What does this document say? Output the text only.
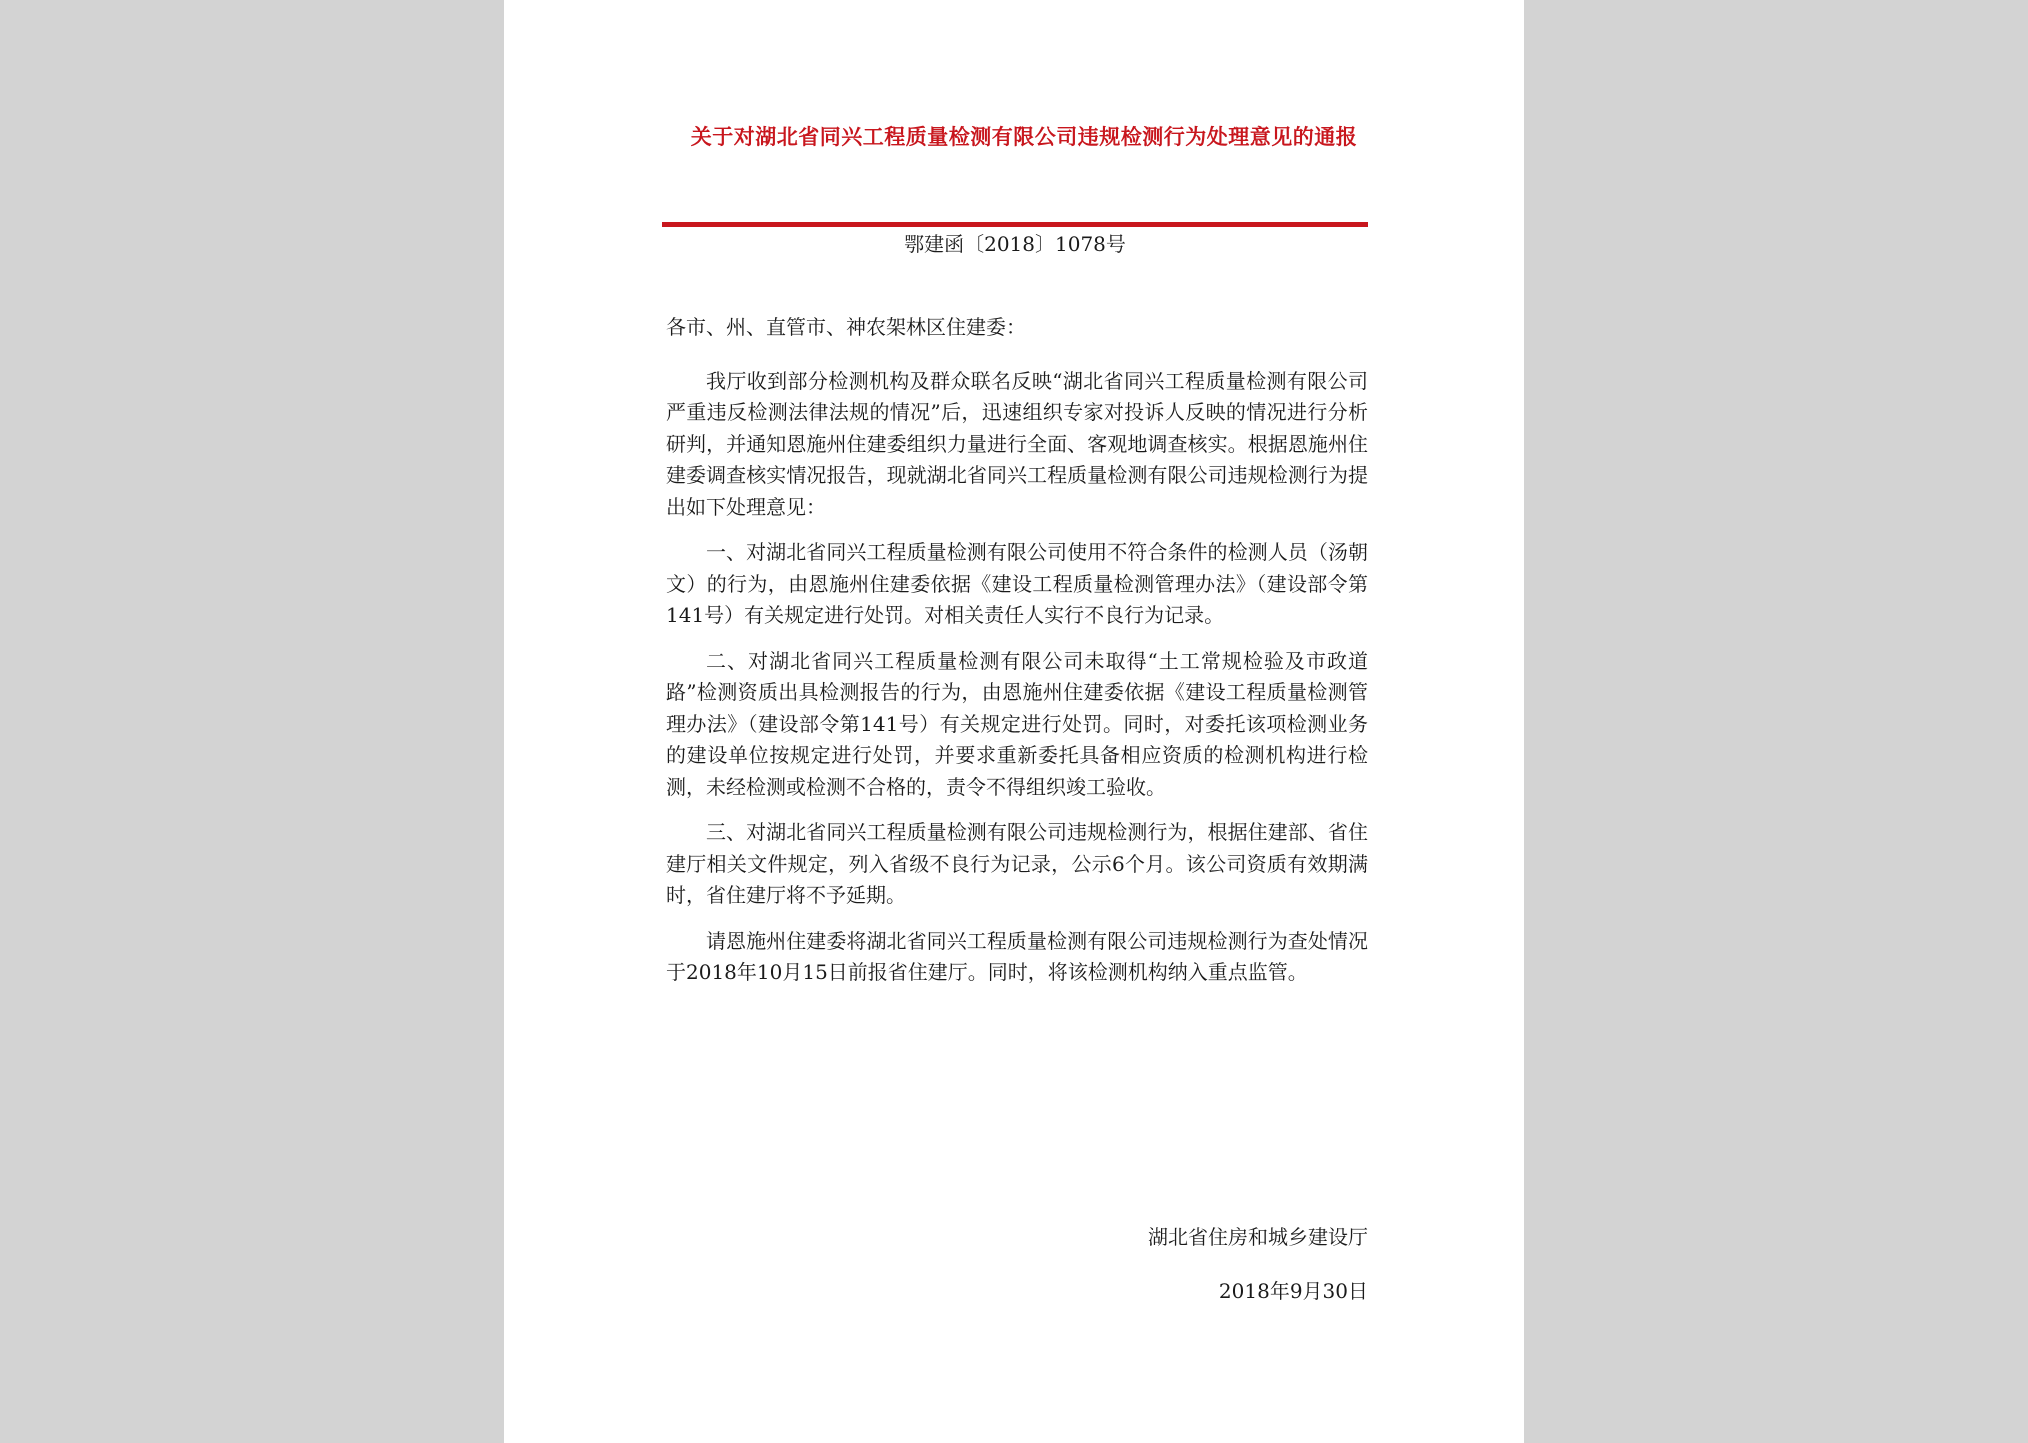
关于对湖北省同兴工程质量检测有限公司违规检测行为处理意见的通报
鄂建函〔2018〕1078号

各市、州、直管市、神农架林区住建委：

我厅收到部分检测机构及群众联名反映“湖北省同兴工程质量检测有限公司严重违反检测法律法规的情况”后，迅速组织专家对投诉人反映的情况进行分析研判，并通知恩施州住建委组织力量进行全面、客观地调查核实。根据恩施州住建委调查核实情况报告，现就湖北省同兴工程质量检测有限公司违规检测行为提出如下处理意见：

一、对湖北省同兴工程质量检测有限公司使用不符合条件的检测人员（汤朝文）的行为，由恩施州住建委依据《建设工程质量检测管理办法》（建设部令第141号）有关规定进行处罚。对相关责任人实行不良行为记录。

二、对湖北省同兴工程质量检测有限公司未取得“土工常规检验及市政道路”检测资质出具检测报告的行为，由恩施州住建委依据《建设工程质量检测管理办法》（建设部令第141号）有关规定进行处罚。同时，对委托该项检测业务的建设单位按规定进行处罚，并要求重新委托具备相应资质的检测机构进行检测，未经检测或检测不合格的，责令不得组织竣工验收。

三、对湖北省同兴工程质量检测有限公司违规检测行为，根据住建部、省住建厅相关文件规定，列入省级不良行为记录，公示6个月。该公司资质有效期满时，省住建厅将不予延期。

请恩施州住建委将湖北省同兴工程质量检测有限公司违规检测行为查处情况于2018年10月15日前报省住建厅。同时，将该检测机构纳入重点监管。

湖北省住房和城乡建设厅
2018年9月30日
